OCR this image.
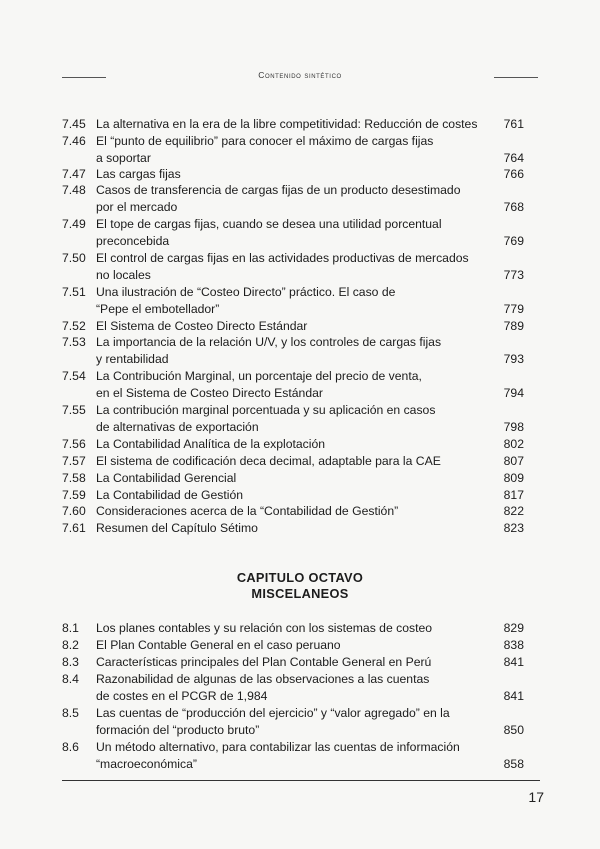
Contenido sintético
7.45 La alternativa en la era de la libre competitividad: Reducción de costes 761
7.46 El “punto de equilibrio” para conocer el máximo de cargas fijas
a soportar	764
7.47 Las cargas fijas	766
7.48 Casos de transferencia de cargas fijas de un producto desestimado
por el mercado	768
7.49 El tope de cargas fijas, cuando se desea una utilidad porcentual
preconcebida	769
7.50 El control de cargas fijas en las actividades productivas de mercados
no locales	773
7.51 Una ilustración de “Costeo Directo” práctico. El caso de
“Pepe el embotellador”	779
7.52 El Sistema de Costeo Directo Estándar	789
7.53 La importancia de la relación U/V, y los controles de cargas fijas
y rentabilidad	793
7.54 La Contribución Marginal, un porcentaje del precio de venta,
en el Sistema de Costeo Directo Estándar	794
7.55 La contribución marginal porcentuada y su aplicación en casos
de alternativas de exportación	798
7.56 La Contabilidad Analítica de la explotación	802
7.57 El sistema de codificación deca decimal, adaptable para la CAE	807
7.58 La Contabilidad Gerencial	809
7.59 La Contabilidad de Gestión	817
7.60 Consideraciones acerca de la “Contabilidad de Gestión”	822
7.61 Resumen del Capítulo Sétimo	823
CAPITULO OCTAVO
MISCELANEOS
8.1	Los planes contables y su relación con los sistemas de costeo	829
8.2	El Plan Contable General en el caso peruano	838
8.3	Características principales del Plan Contable General en Perú	841
8.4	Razonabilidad de algunas de las observaciones a las cuentas
de costes en el PCGR de 1,984	841
8.5	Las cuentas de “producción del ejercicio” y “valor agregado” en la
formación del “producto bruto”	850
8.6	Un método alternativo, para contabilizar las cuentas de información
“macroeconómica”	858
17
